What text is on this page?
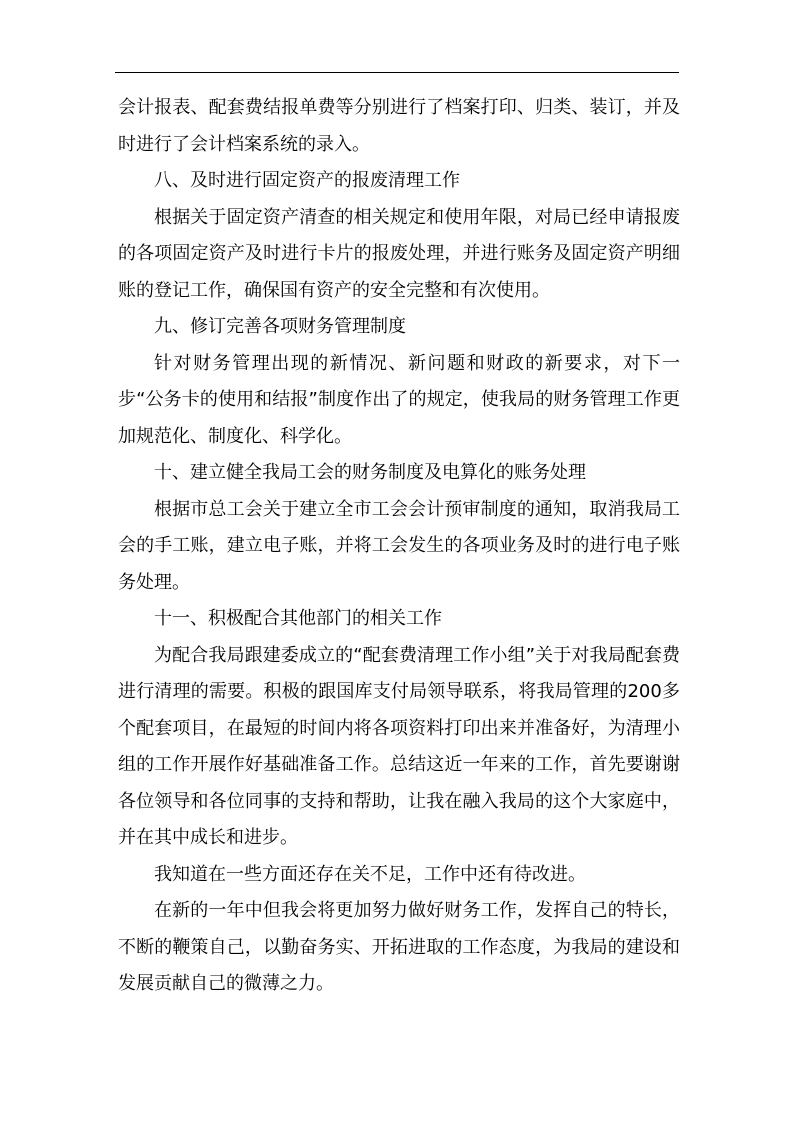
会计报表、配套费结报单费等分别进行了档案打印、归类、装订，并及时进行了会计档案系统的录入。

八、及时进行固定资产的报废清理工作

根据关于固定资产清查的相关规定和使用年限，对局已经申请报废的各项固定资产及时进行卡片的报废处理，并进行账务及固定资产明细账的登记工作，确保国有资产的安全完整和有次使用。

九、修订完善各项财务管理制度

针对财务管理出现的新情况、新问题和财政的新要求，对下一步“公务卡的使用和结报”制度作出了的规定，使我局的财务管理工作更加规范化、制度化、科学化。

十、建立健全我局工会的财务制度及电算化的账务处理

根据市总工会关于建立全市工会会计预审制度的通知，取消我局工会的手工账，建立电子账，并将工会发生的各项业务及时的进行电子账务处理。

十一、积极配合其他部门的相关工作

为配合我局跟建委成立的“配套费清理工作小组”关于对我局配套费进行清理的需要。积极的跟国库支付局领导联系，将我局管理的200多个配套项目，在最短的时间内将各项资料打印出来并准备好，为清理小组的工作开展作好基础准备工作。总结这近一年来的工作，首先要谢谢各位领导和各位同事的支持和帮助，让我在融入我局的这个大家庭中，并在其中成长和进步。

我知道在一些方面还存在关不足，工作中还有待改进。

在新的一年中但我会将更加努力做好财务工作，发挥自己的特长，不断的鞭策自己，以勤奋务实、开拓进取的工作态度，为我局的建设和发展贡献自己的微薄之力。
